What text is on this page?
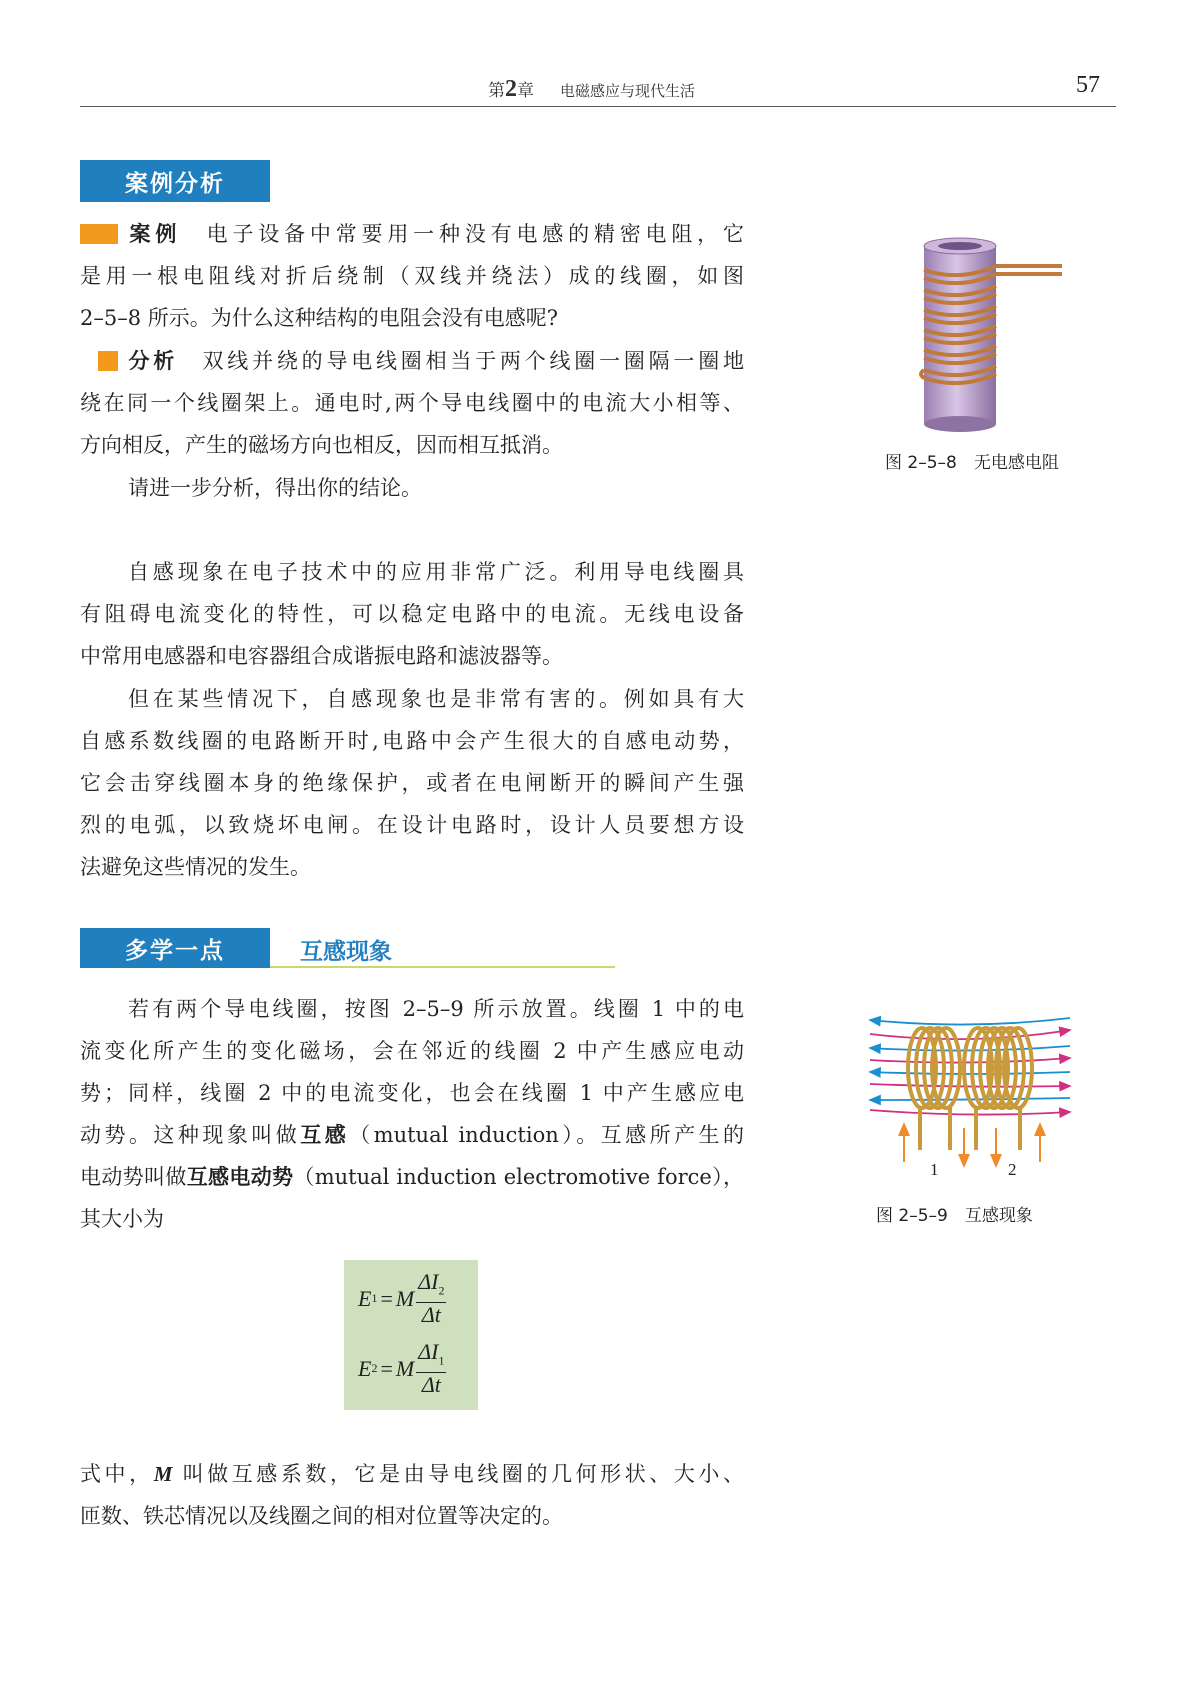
第2章 电磁感应与现代生活	57
案例分析
案例 电子设备中常要用一种没有电感的精密电阻，它
是用一根电阻线对折后绕制（双线并绕法）成的线圈，如图
2–5–8 所示。为什么这种结构的电阻会没有电感呢?
分析 双线并绕的导电线圈相当于两个线圈一圈隔一圈地
绕在同一个线圈架上。通电时,两个导电线圈中的电流大小相等、
方向相反，产生的磁场方向也相反，因而相互抵消。
请进一步分析，得出你的结论。
图 2–5–8　无电感电阻
自感现象在电子技术中的应用非常广泛。利用导电线圈具
有阻碍电流变化的特性，可以稳定电路中的电流。无线电设备
中常用电感器和电容器组合成谐振电路和滤波器等。
但在某些情况下，自感现象也是非常有害的。例如具有大
自感系数线圈的电路断开时,电路中会产生很大的自感电动势，
它会击穿线圈本身的绝缘保护，或者在电闸断开的瞬间产生强
烈的电弧，以致烧坏电闸。在设计电路时，设计人员要想方设
法避免这些情况的发生。
多学一点	互感现象
若有两个导电线圈，按图 2–5–9 所示放置。线圈 1 中的电
流变化所产生的变化磁场，会在邻近的线圈 2 中产生感应电动
势；同样，线圈 2 中的电流变化，也会在线圈 1 中产生感应电
动势。这种现象叫做互感（mutual induction）。互感所产生的
电动势叫做互感电动势（mutual induction electromotive force），
其大小为
E 1 = M $\frac{\Delta I_2}{\Delta t}$
E 2 = M $\frac{\Delta I_1}{\Delta t}$
式中，M 叫做互感系数，它是由导电线圈的几何形状、大小、
匝数、铁芯情况以及线圈之间的相对位置等决定的。
1	2
图 2–5–9　互感现象
